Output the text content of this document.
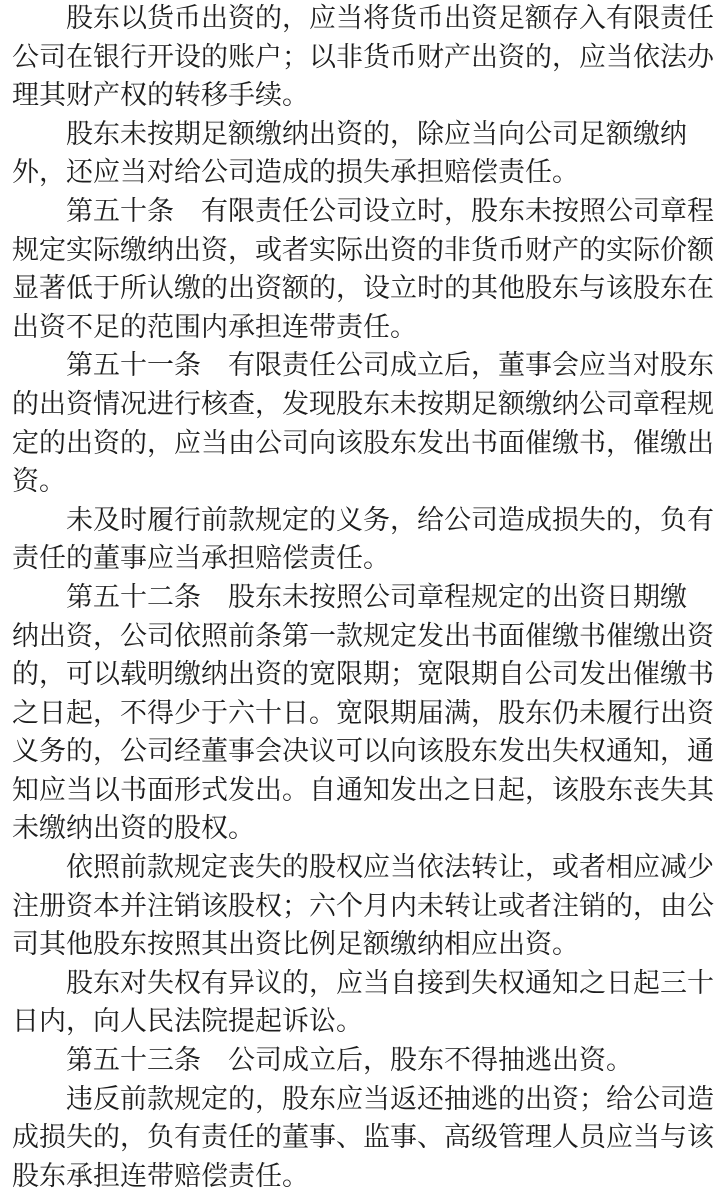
股东以货币出资的，应当将货币出资足额存入有限责任
公司在银行开设的账户；以非货币财产出资的，应当依法办
理其财产权的转移手续。
股东未按期足额缴纳出资的，除应当向公司足额缴纳
外，还应当对给公司造成的损失承担赔偿责任。
第五十条　有限责任公司设立时，股东未按照公司章程
规定实际缴纳出资，或者实际出资的非货币财产的实际价额
显著低于所认缴的出资额的，设立时的其他股东与该股东在
出资不足的范围内承担连带责任。
第五十一条　有限责任公司成立后，董事会应当对股东
的出资情况进行核查，发现股东未按期足额缴纳公司章程规
定的出资的，应当由公司向该股东发出书面催缴书，催缴出
资。
未及时履行前款规定的义务，给公司造成损失的，负有
责任的董事应当承担赔偿责任。
第五十二条　股东未按照公司章程规定的出资日期缴
纳出资，公司依照前条第一款规定发出书面催缴书催缴出资
的，可以载明缴纳出资的宽限期；宽限期自公司发出催缴书
之日起，不得少于六十日。宽限期届满，股东仍未履行出资
义务的，公司经董事会决议可以向该股东发出失权通知，通
知应当以书面形式发出。自通知发出之日起，该股东丧失其
未缴纳出资的股权。
依照前款规定丧失的股权应当依法转让，或者相应减少
注册资本并注销该股权；六个月内未转让或者注销的，由公
司其他股东按照其出资比例足额缴纳相应出资。
股东对失权有异议的，应当自接到失权通知之日起三十
日内，向人民法院提起诉讼。
第五十三条　公司成立后，股东不得抽逃出资。
违反前款规定的，股东应当返还抽逃的出资；给公司造
成损失的，负有责任的董事、监事、高级管理人员应当与该
股东承担连带赔偿责任。
